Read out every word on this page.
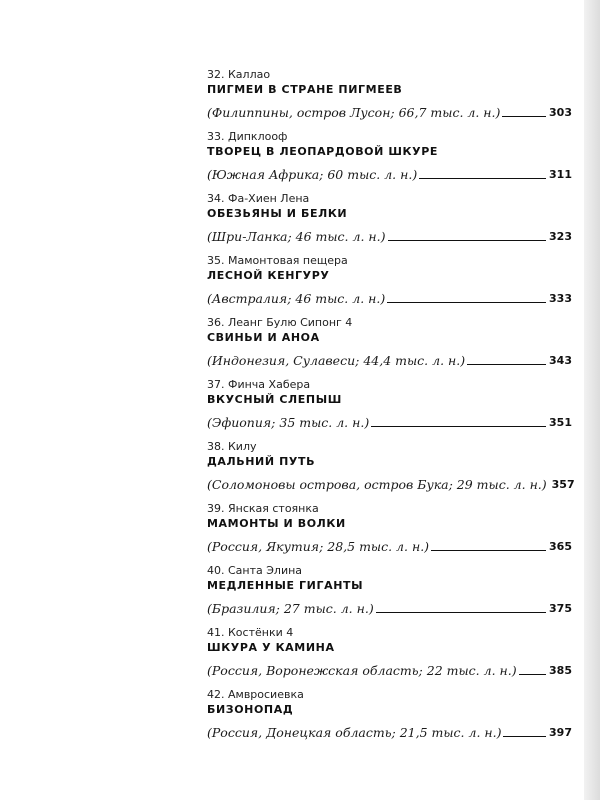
32. Каллао
ПИГМЕИ В СТРАНЕ ПИГМЕЕВ
(Филиппины, остров Лусон; 66,7 тыс. л. н.)	303
33. Дипклооф
ТВОРЕЦ В ЛЕОПАРДОВОЙ ШКУРЕ
(Южная Африка; 60 тыс. л. н.)	311
34. Фа-Хиен Лена
ОБЕЗЬЯНЫ И БЕЛКИ
(Шри-Ланка; 46 тыс. л. н.)	323
35. Мамонтовая пещера
ЛЕСНОЙ КЕНГУРУ
(Австралия; 46 тыс. л. н.)	333
36. Леанг Булю Сипонг 4
СВИНЬИ И АНОА
(Индонезия, Сулавеси; 44,4 тыс. л. н.)	343
37. Финча Хабера
ВКУСНЫЙ СЛЕПЫШ
(Эфиопия; 35 тыс. л. н.)	351
38. Килу
ДАЛЬНИЙ ПУТЬ
(Соломоновы острова, остров Бука; 29 тыс. л. н.) 357
39. Янская стоянка
МАМОНТЫ И ВОЛКИ
(Россия, Якутия; 28,5 тыс. л. н.)	365
40. Санта Элина
МЕДЛЕННЫЕ ГИГАНТЫ
(Бразилия; 27 тыс. л. н.)	375
41. Костёнки 4
ШКУРА У КАМИНА
(Россия, Воронежская область; 22 тыс. л. н.)	385
42. Амвросиевка
БИЗОНОПАД
(Россия, Донецкая область; 21,5 тыс. л. н.)	397
